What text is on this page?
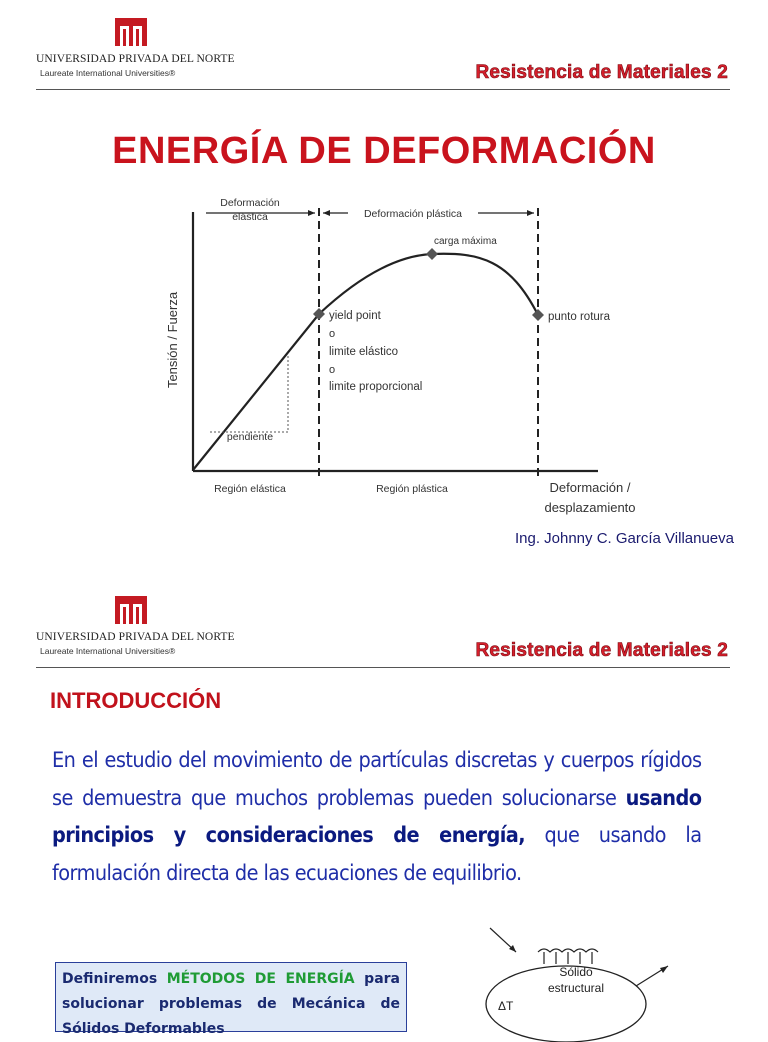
UNIVERSIDAD PRIVADA DEL NORTE
Laureate International Universities®	Resistencia de Materiales 2
ENERGÍA DE DEFORMACIÓN
Deformación
elástica	Deformación plástica
carga máxima
yield point
o
limite elástico
o
limite proporcional
punto rotura
pendiente
Región elástica	Región plástica	Deformación /
desplazamiento
Tensión / Fuerza
Ing. Johnny C. García Villanueva
UNIVERSIDAD PRIVADA DEL NORTE
Laureate International Universities®	Resistencia de Materiales 2
INTRODUCCIÓN
En el estudio del movimiento de partículas discretas y cuerpos rígidos se demuestra que muchos problemas pueden solucionarse usando principios y consideraciones de energía, que usando la formulación directa de las ecuaciones de equilibrio.
Definiremos MÉTODOS DE ENERGÍA para solucionar problemas de Mecánica de Sólidos Deformables
Sólido
estructural
ΔT
